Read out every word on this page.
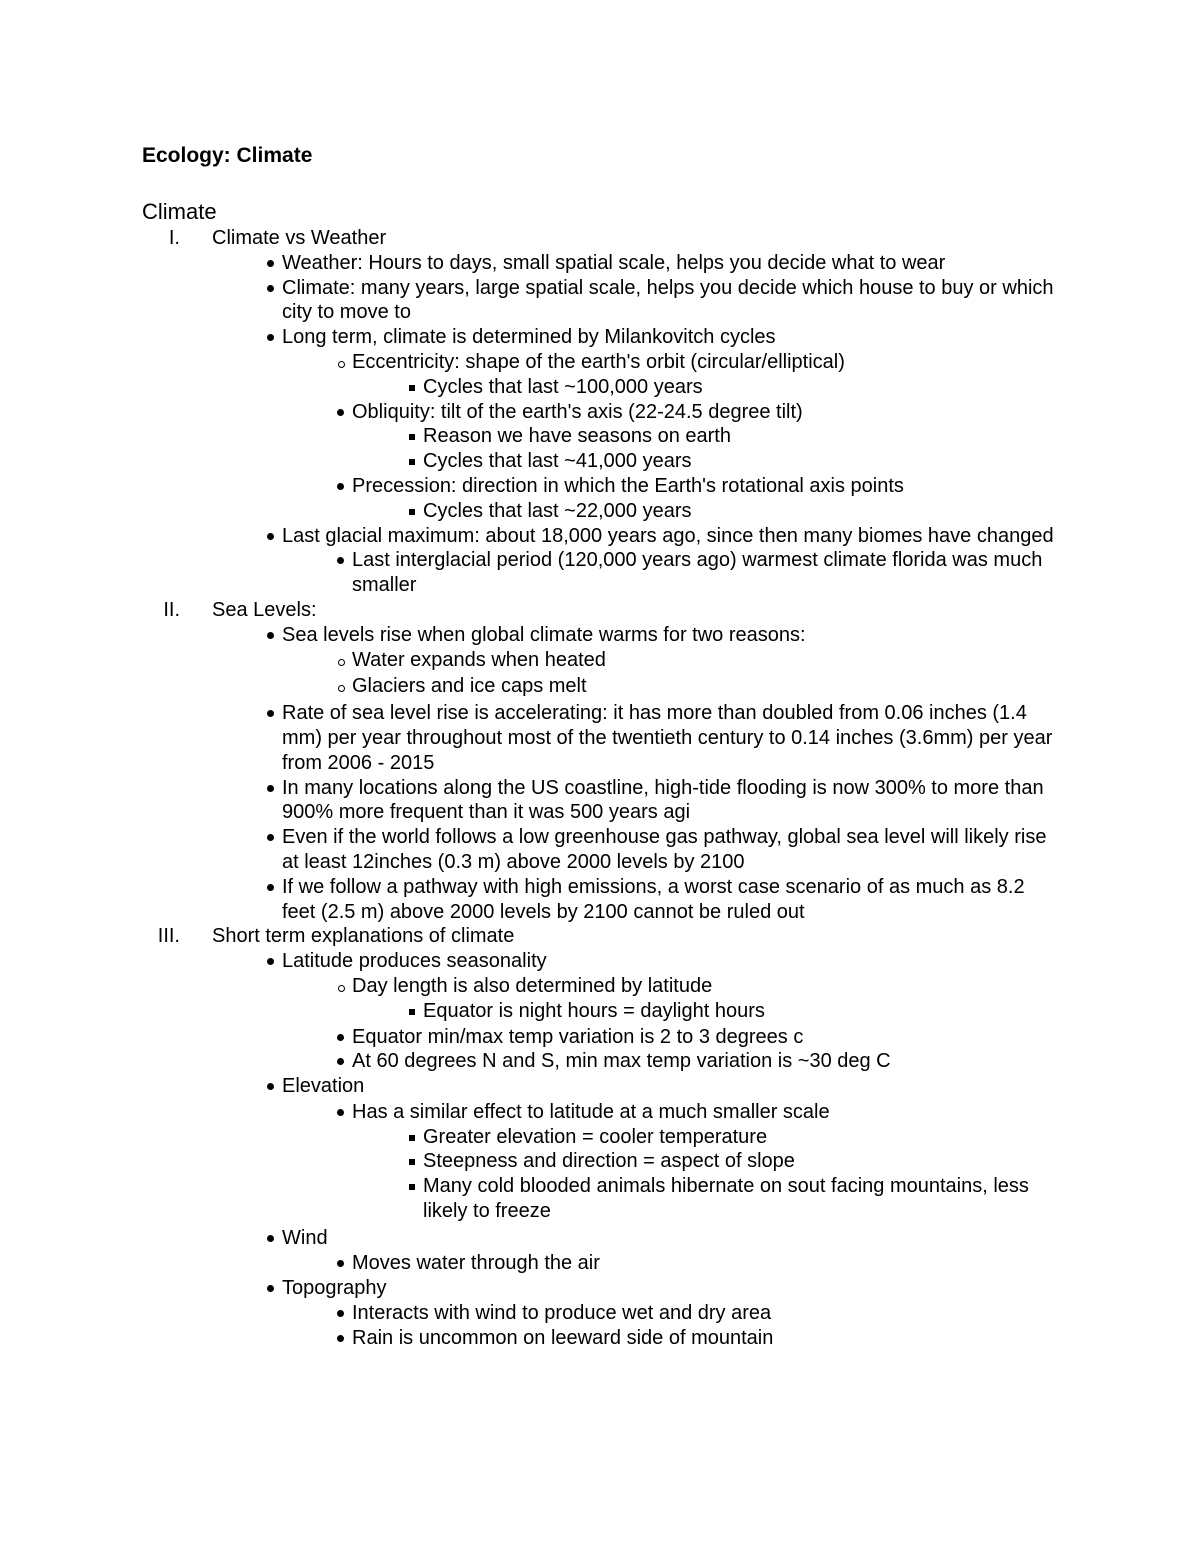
Ecology: Climate
Climate
I. Climate vs Weather
Weather: Hours to days, small spatial scale, helps you decide what to wear
Climate: many years, large spatial scale, helps you decide which house to buy or which city to move to
Long term, climate is determined by Milankovitch cycles
Eccentricity: shape of the earth's orbit (circular/elliptical)
Cycles that last ~100,000 years
Obliquity: tilt of the earth's axis (22-24.5 degree tilt)
Reason we have seasons on earth
Cycles that last ~41,000 years
Precession: direction in which the Earth's rotational axis points
Cycles that last ~22,000 years
Last glacial maximum: about 18,000 years ago, since then many biomes have changed
Last interglacial period (120,000 years ago) warmest climate florida was much smaller
II. Sea Levels:
Sea levels rise when global climate warms for two reasons:
Water expands when heated
Glaciers and ice caps melt
Rate of sea level rise is accelerating: it has more than doubled from 0.06 inches (1.4 mm) per year throughout most of the twentieth century to 0.14 inches (3.6mm) per year from 2006 - 2015
In many locations along the US coastline, high-tide flooding is now 300% to more than 900% more frequent than it was 500 years agi
Even if the world follows a low greenhouse gas pathway, global sea level will likely rise at least 12inches (0.3 m) above 2000 levels by 2100
If we follow a pathway with high emissions, a worst case scenario of as much as 8.2 feet (2.5 m) above 2000 levels by 2100 cannot be ruled out
III. Short term explanations of climate
Latitude produces seasonality
Day length is also determined by latitude
Equator is night hours = daylight hours
Equator min/max temp variation is 2 to 3 degrees c
At 60 degrees N and S, min max temp variation is ~30 deg C
Elevation
Has a similar effect to latitude at a much smaller scale
Greater elevation = cooler temperature
Steepness and direction = aspect of slope
Many cold blooded animals hibernate on sout facing mountains, less likely to freeze
Wind
Moves water through the air
Topography
Interacts with wind to produce wet and dry area
Rain is uncommon on leeward side of mountain
